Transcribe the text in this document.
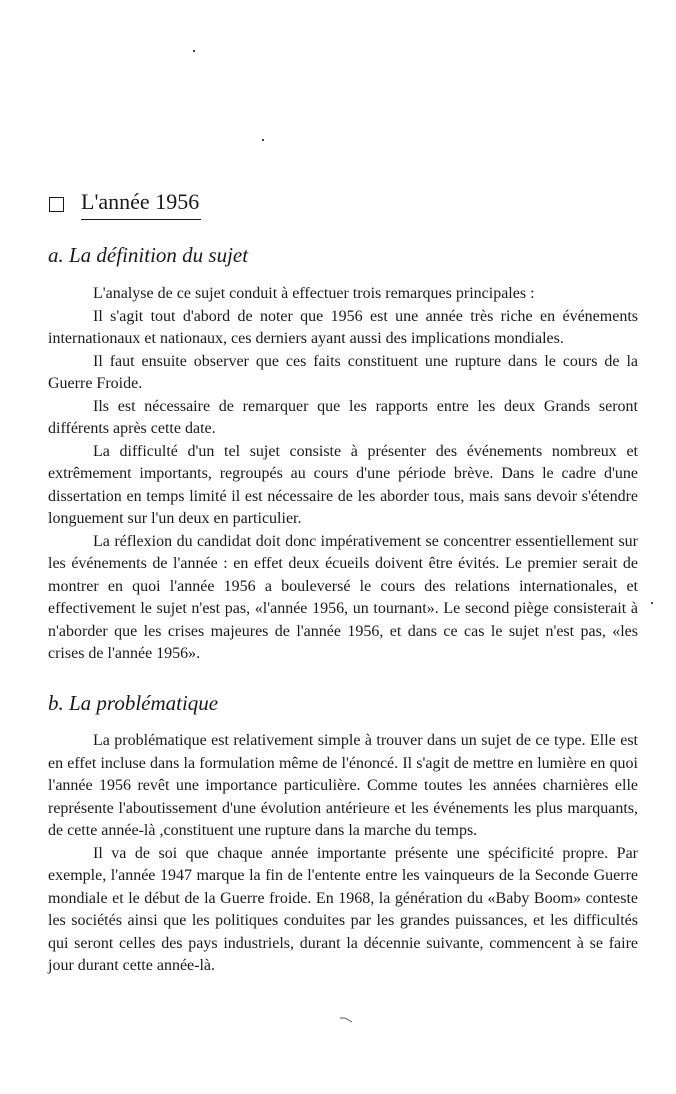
L'année 1956
a. La définition du sujet

L'analyse de ce sujet conduit à effectuer trois remarques principales :

Il s'agit tout d'abord de noter que 1956 est une année très riche en événements internationaux et nationaux, ces derniers ayant aussi des implications mondiales.

Il faut ensuite observer que ces faits constituent une rupture dans le cours de la Guerre Froide.

Ils est nécessaire de remarquer que les rapports entre les deux Grands seront différents après cette date.

La difficulté d'un tel sujet consiste à présenter des événements nombreux et extrêmement importants, regroupés au cours d'une période brève. Dans le cadre d'une dissertation en temps limité il est nécessaire de les aborder tous, mais sans devoir s'étendre longuement sur l'un deux en particulier.

La réflexion du candidat doit donc impérativement se concentrer essentiellement sur les événements de l'année : en effet deux écueils doivent être évités. Le premier serait de montrer en quoi l'année 1956 a bouleversé le cours des relations internationales, et effectivement le sujet n'est pas, «l'année 1956, un tournant». Le second piège consisterait à n'aborder que les crises majeures de l'année 1956, et dans ce cas le sujet n'est pas, «les crises de l'année 1956».

b. La problématique

La problématique est relativement simple à trouver dans un sujet de ce type. Elle est en effet incluse dans la formulation même de l'énoncé. Il s'agit de mettre en lumière en quoi l'année 1956 revêt une importance particulière. Comme toutes les années charnières elle représente l'aboutissement d'une évolution antérieure et les événements les plus marquants, de cette année-là ,constituent une rupture dans la marche du temps.

Il va de soi que chaque année importante présente une spécificité propre. Par exemple, l'année 1947 marque la fin de l'entente entre les vainqueurs de la Seconde Guerre mondiale et le début de la Guerre froide. En 1968, la génération du «Baby Boom» conteste les sociétés ainsi que les politiques conduites par les grandes puissances, et les difficultés qui seront celles des pays industriels, durant la décennie suivante, commencent à se faire jour durant cette année-là.
